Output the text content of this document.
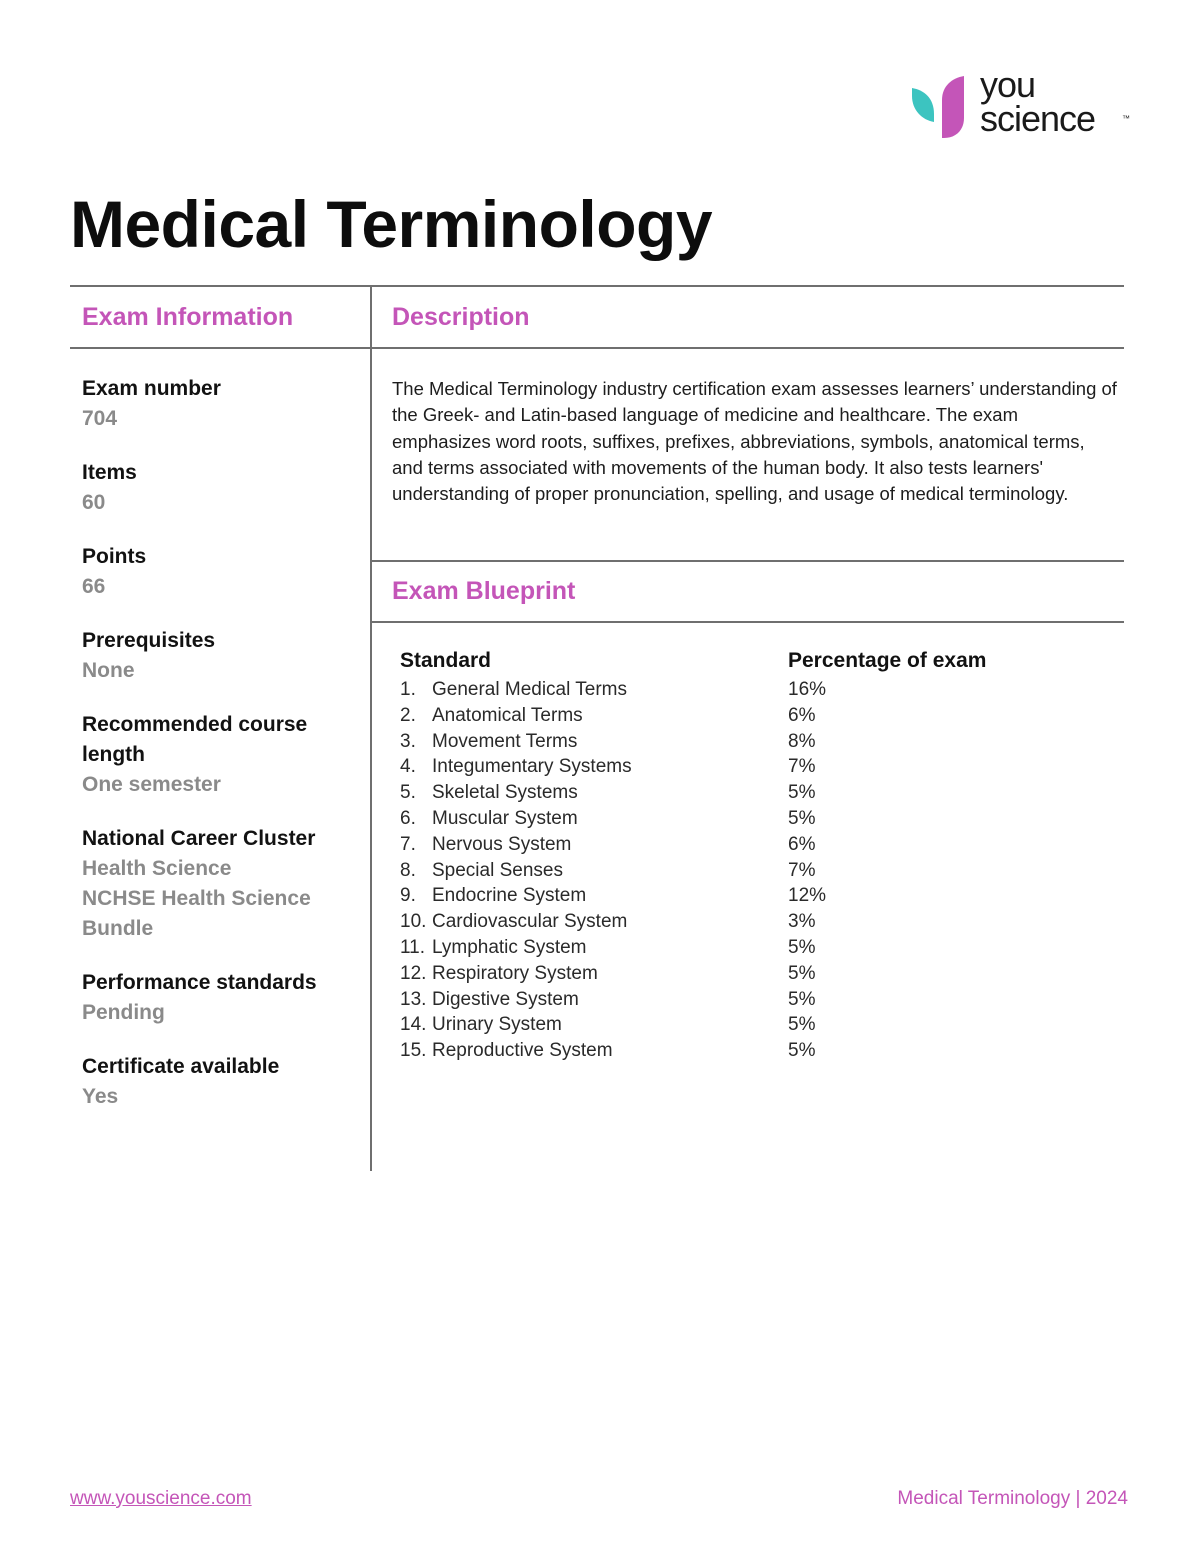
you
science	™
Medical Terminology
Exam Information	Description
Exam Blueprint
Exam number
704
Items
60
Points
66
Prerequisites
None
Recommended course length
One semester
National Career Cluster
Health Science
NCHSE Health Science Bundle
Performance standards
Pending
Certificate available
Yes

The Medical Terminology industry certification exam assesses learners’ understanding of the Greek- and Latin-based language of medicine and healthcare. The exam emphasizes word roots, suffixes, prefixes, abbreviations, symbols, anatomical terms, and terms associated with movements of the human body. It also tests learners' understanding of proper pronunciation, spelling, and usage of medical terminology.

Standard	Percentage of exam
1. General Medical Terms	16%
2. Anatomical Terms	6%
3. Movement Terms	8%
4. Integumentary Systems	7%
5. Skeletal Systems	5%
6. Muscular System	5%
7. Nervous System	6%
8. Special Senses	7%
9. Endocrine System	12%
10. Cardiovascular System	3%
11. Lymphatic System	5%
12. Respiratory System	5%
13. Digestive System	5%
14. Urinary System	5%
15. Reproductive System	5%
www.youscience.com	Medical Terminology | 2024
